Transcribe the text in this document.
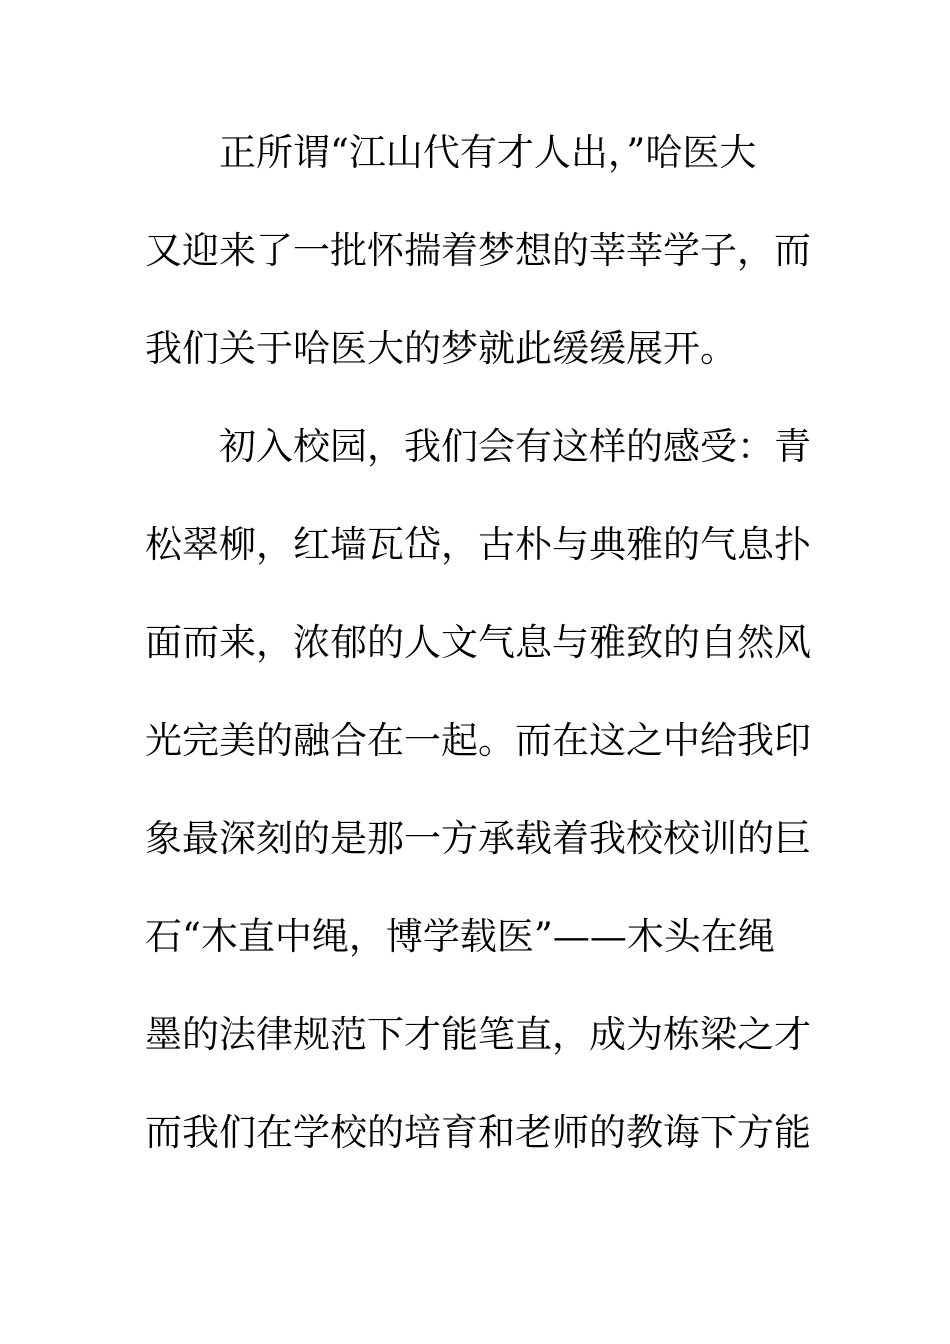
　　正所谓“江山代有才人出，”哈医大
又迎来了一批怀揣着梦想的莘莘学子，而
我们关于哈医大的梦就此缓缓展开。
　　初入校园，我们会有这样的感受：青
松翠柳，红墙瓦岱，古朴与典雅的气息扑
面而来，浓郁的人文气息与雅致的自然风
光完美的融合在一起。而在这之中给我印
象最深刻的是那一方承载着我校校训的巨
石“木直中绳，博学载医”——木头在绳
墨的法律规范下才能笔直，成为栋梁之才
而我们在学校的培育和老师的教诲下方能
